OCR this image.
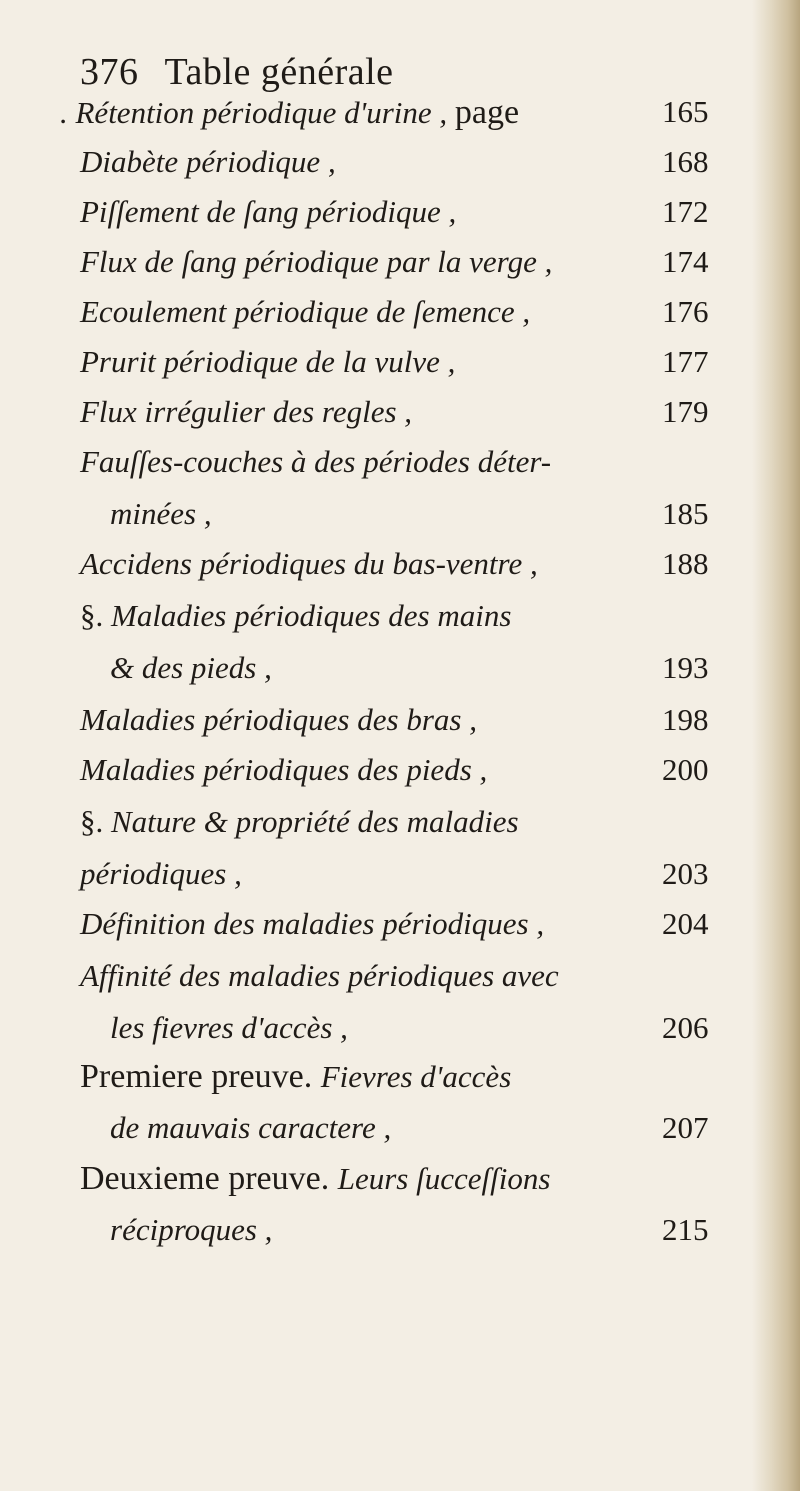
376 Table générale
. Rétention périodique d'urine , page	165
Diabète périodique ,	168
Piſſement de ſang périodique ,	172
Flux de ſang périodique par la verge ,	174
Ecoulement périodique de ſemence ,	176
Prurit périodique de la vulve ,	177
Flux irrégulier des regles ,	179
Fauſſes-couches à des périodes déter-
minées ,	185
Accidens périodiques du bas-ventre ,	188
§. Maladies périodiques des mains
& des pieds ,	193
Maladies périodiques des bras ,	198
Maladies périodiques des pieds ,	200
§. Nature & propriété des maladies
périodiques ,	203
Définition des maladies périodiques ,	204
Affinité des maladies périodiques avec
les fievres d'accès ,	206
Premiere preuve. Fievres d'accès
de mauvais caractere ,	207
Deuxieme preuve. Leurs ſucceſſions
réciproques ,	215
